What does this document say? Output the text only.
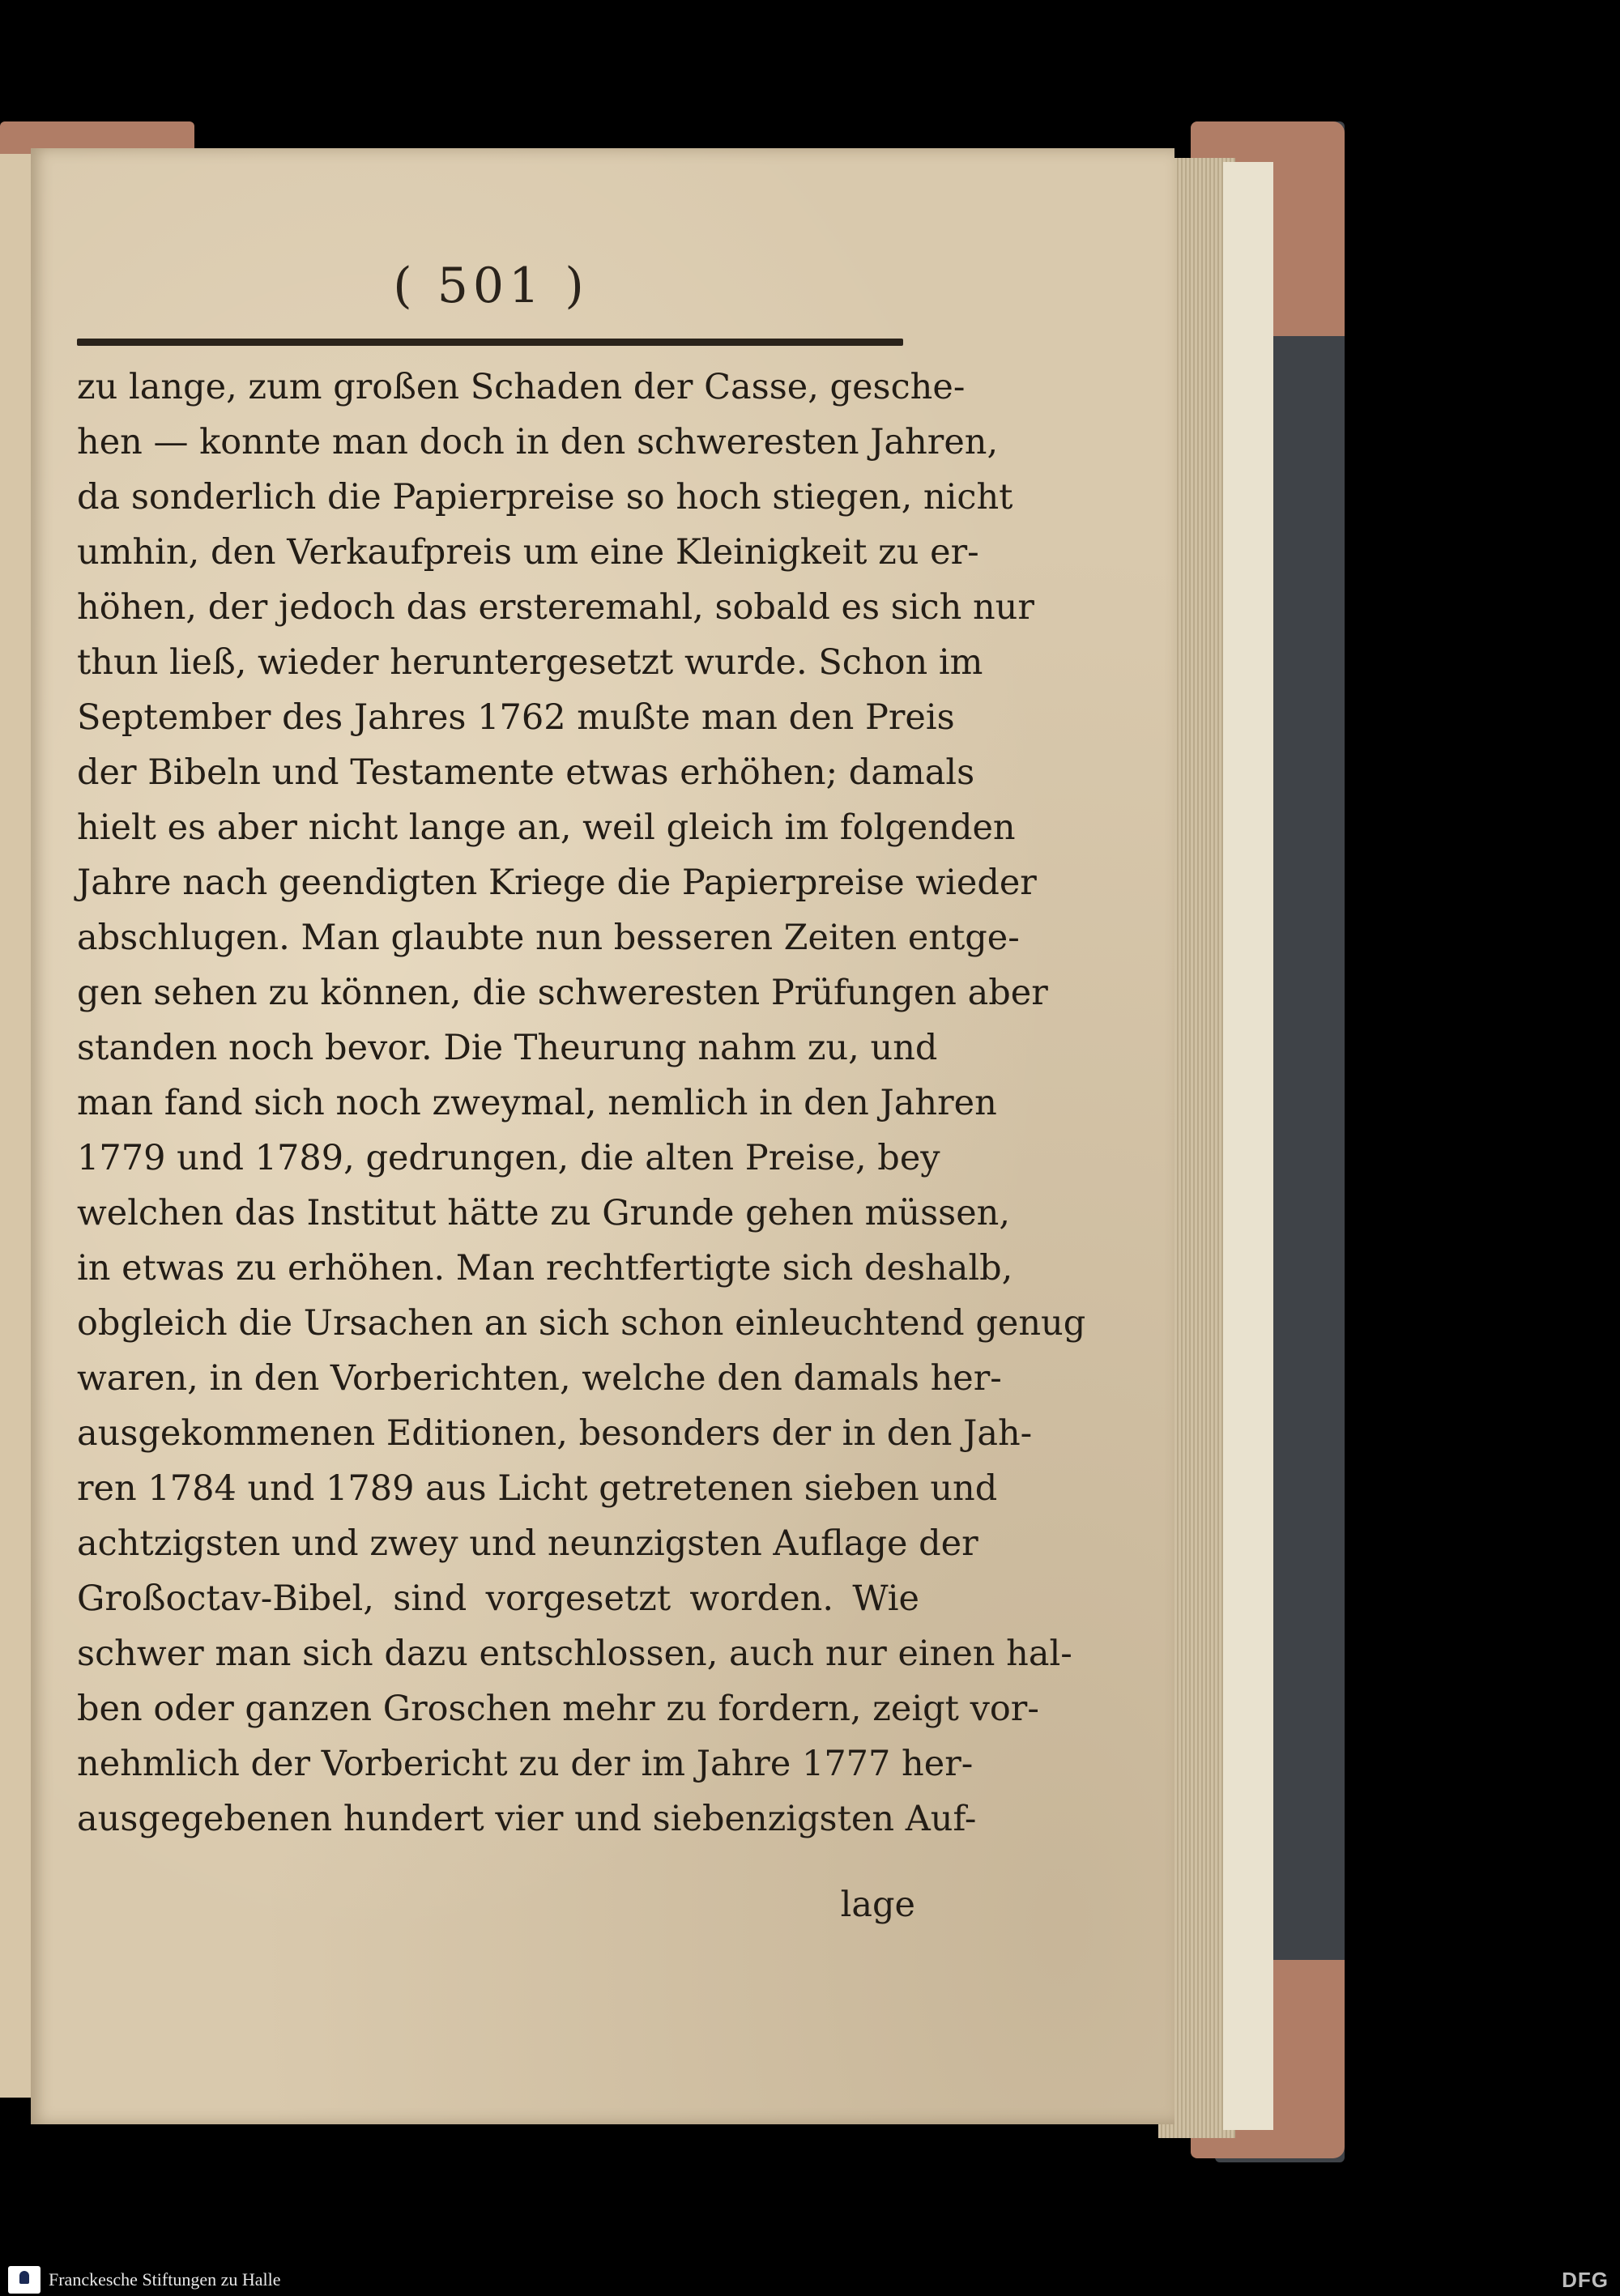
( 501 )
zu lange, zum großen Schaden der Casse, gesche-
hen — konnte man doch in den schweresten Jahren,
da sonderlich die Papierpreise so hoch stiegen, nicht
umhin, den Verkaufpreis um eine Kleinigkeit zu er-
höhen, der jedoch das ersteremahl, sobald es sich nur
thun ließ, wieder heruntergesetzt wurde. Schon im
September des Jahres 1762 mußte man den Preis
der Bibeln und Testamente etwas erhöhen; damals
hielt es aber nicht lange an, weil gleich im folgenden
Jahre nach geendigten Kriege die Papierpreise wieder
abschlugen. Man glaubte nun besseren Zeiten entge-
gen sehen zu können, die schweresten Prüfungen aber
standen noch bevor. Die Theurung nahm zu, und
man fand sich noch zweymal, nemlich in den Jahren
1779 und 1789, gedrungen, die alten Preise, bey
welchen das Institut hätte zu Grunde gehen müssen,
in etwas zu erhöhen. Man rechtfertigte sich deshalb,
obgleich die Ursachen an sich schon einleuchtend genug
waren, in den Vorberichten, welche den damals her-
ausgekommenen Editionen, besonders der in den Jah-
ren 1784 und 1789 aus Licht getretenen sieben und
achtzigsten und zwey und neunzigsten Auflage der
Großoctav-Bibel, sind vorgesetzt worden. Wie
schwer man sich dazu entschlossen, auch nur einen hal-
ben oder ganzen Groschen mehr zu fordern, zeigt vor-
nehmlich der Vorbericht zu der im Jahre 1777 her-
ausgegebenen hundert vier und siebenzigsten Auf-
lage
Franckesche Stiftungen zu Halle	DFG
